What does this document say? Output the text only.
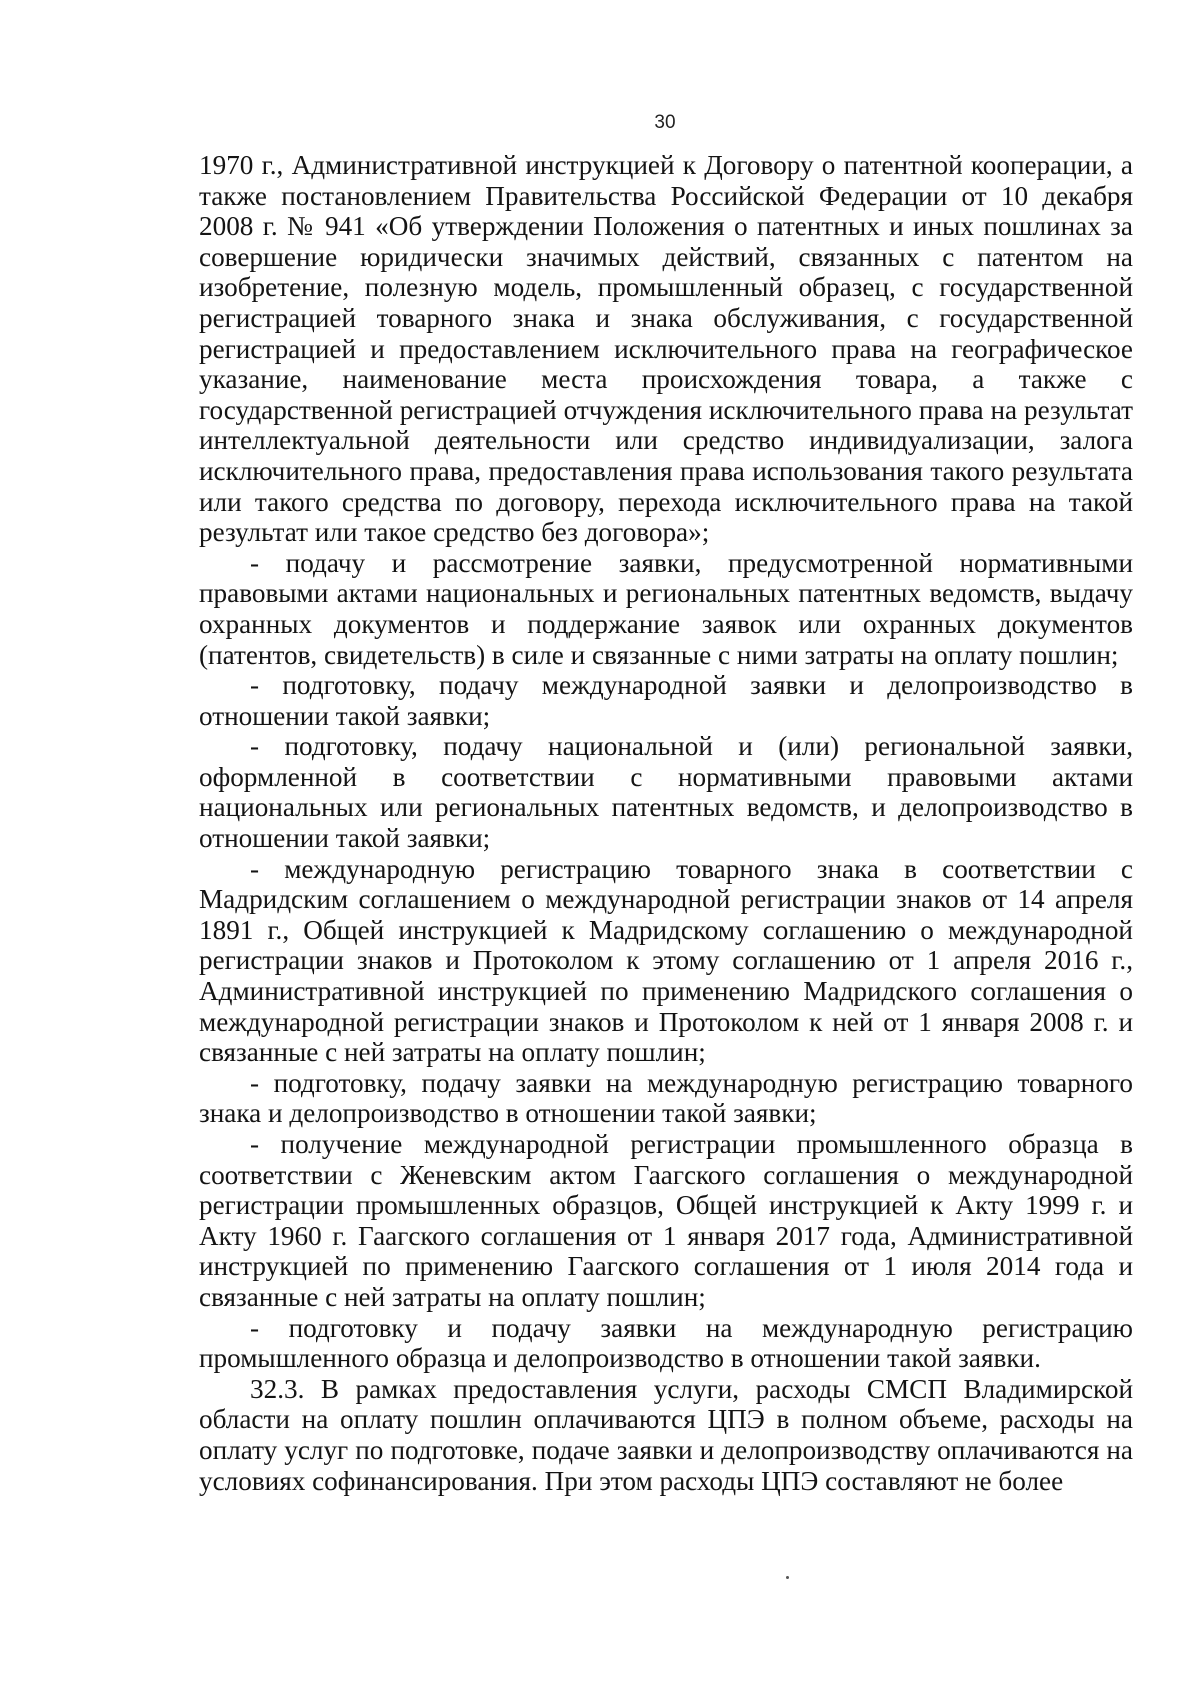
30

1970 г., Административной инструкцией к Договору о патентной кооперации, а также постановлением Правительства Российской Федерации от 10 декабря 2008 г. № 941 «Об утверждении Положения о патентных и иных пошлинах за совершение юридически значимых действий, связанных с патентом на изобретение, полезную модель, промышленный образец, с государственной регистрацией товарного знака и знака обслуживания, с государственной регистрацией и предоставлением исключительного права на географическое указание, наименование места происхождения товара, а также с государственной регистрацией отчуждения исключительного права на результат интеллектуальной деятельности или средство индивидуализации, залога исключительного права, предоставления права использования такого результата или такого средства по договору, перехода исключительного права на такой результат или такое средство без договора»;

- подачу и рассмотрение заявки, предусмотренной нормативными правовыми актами национальных и региональных патентных ведомств, выдачу охранных документов и поддержание заявок или охранных документов (патентов, свидетельств) в силе и связанные с ними затраты на оплату пошлин;

- подготовку, подачу международной заявки и делопроизводство в отношении такой заявки;

- подготовку, подачу национальной и (или) региональной заявки, оформленной в соответствии с нормативными правовыми актами национальных или региональных патентных ведомств, и делопроизводство в отношении такой заявки;

- международную регистрацию товарного знака в соответствии с Мадридским соглашением о международной регистрации знаков от 14 апреля 1891 г., Общей инструкцией к Мадридскому соглашению о международной регистрации знаков и Протоколом к этому соглашению от 1 апреля 2016 г., Административной инструкцией по применению Мадридского соглашения о международной регистрации знаков и Протоколом к ней от 1 января 2008 г. и связанные с ней затраты на оплату пошлин;

- подготовку, подачу заявки на международную регистрацию товарного знака и делопроизводство в отношении такой заявки;

- получение международной регистрации промышленного образца в соответствии с Женевским актом Гаагского соглашения о международной регистрации промышленных образцов, Общей инструкцией к Акту 1999 г. и Акту 1960 г. Гаагского соглашения от 1 января 2017 года, Административной инструкцией по применению Гаагского соглашения от 1 июля 2014 года и связанные с ней затраты на оплату пошлин;

- подготовку и подачу заявки на международную регистрацию промышленного образца и делопроизводство в отношении такой заявки.

32.3. В рамках предоставления услуги, расходы СМСП Владимирской области на оплату пошлин оплачиваются ЦПЭ в полном объеме, расходы на оплату услуг по подготовке, подаче заявки и делопроизводству оплачиваются на условиях софинансирования. При этом расходы ЦПЭ составляют не более
